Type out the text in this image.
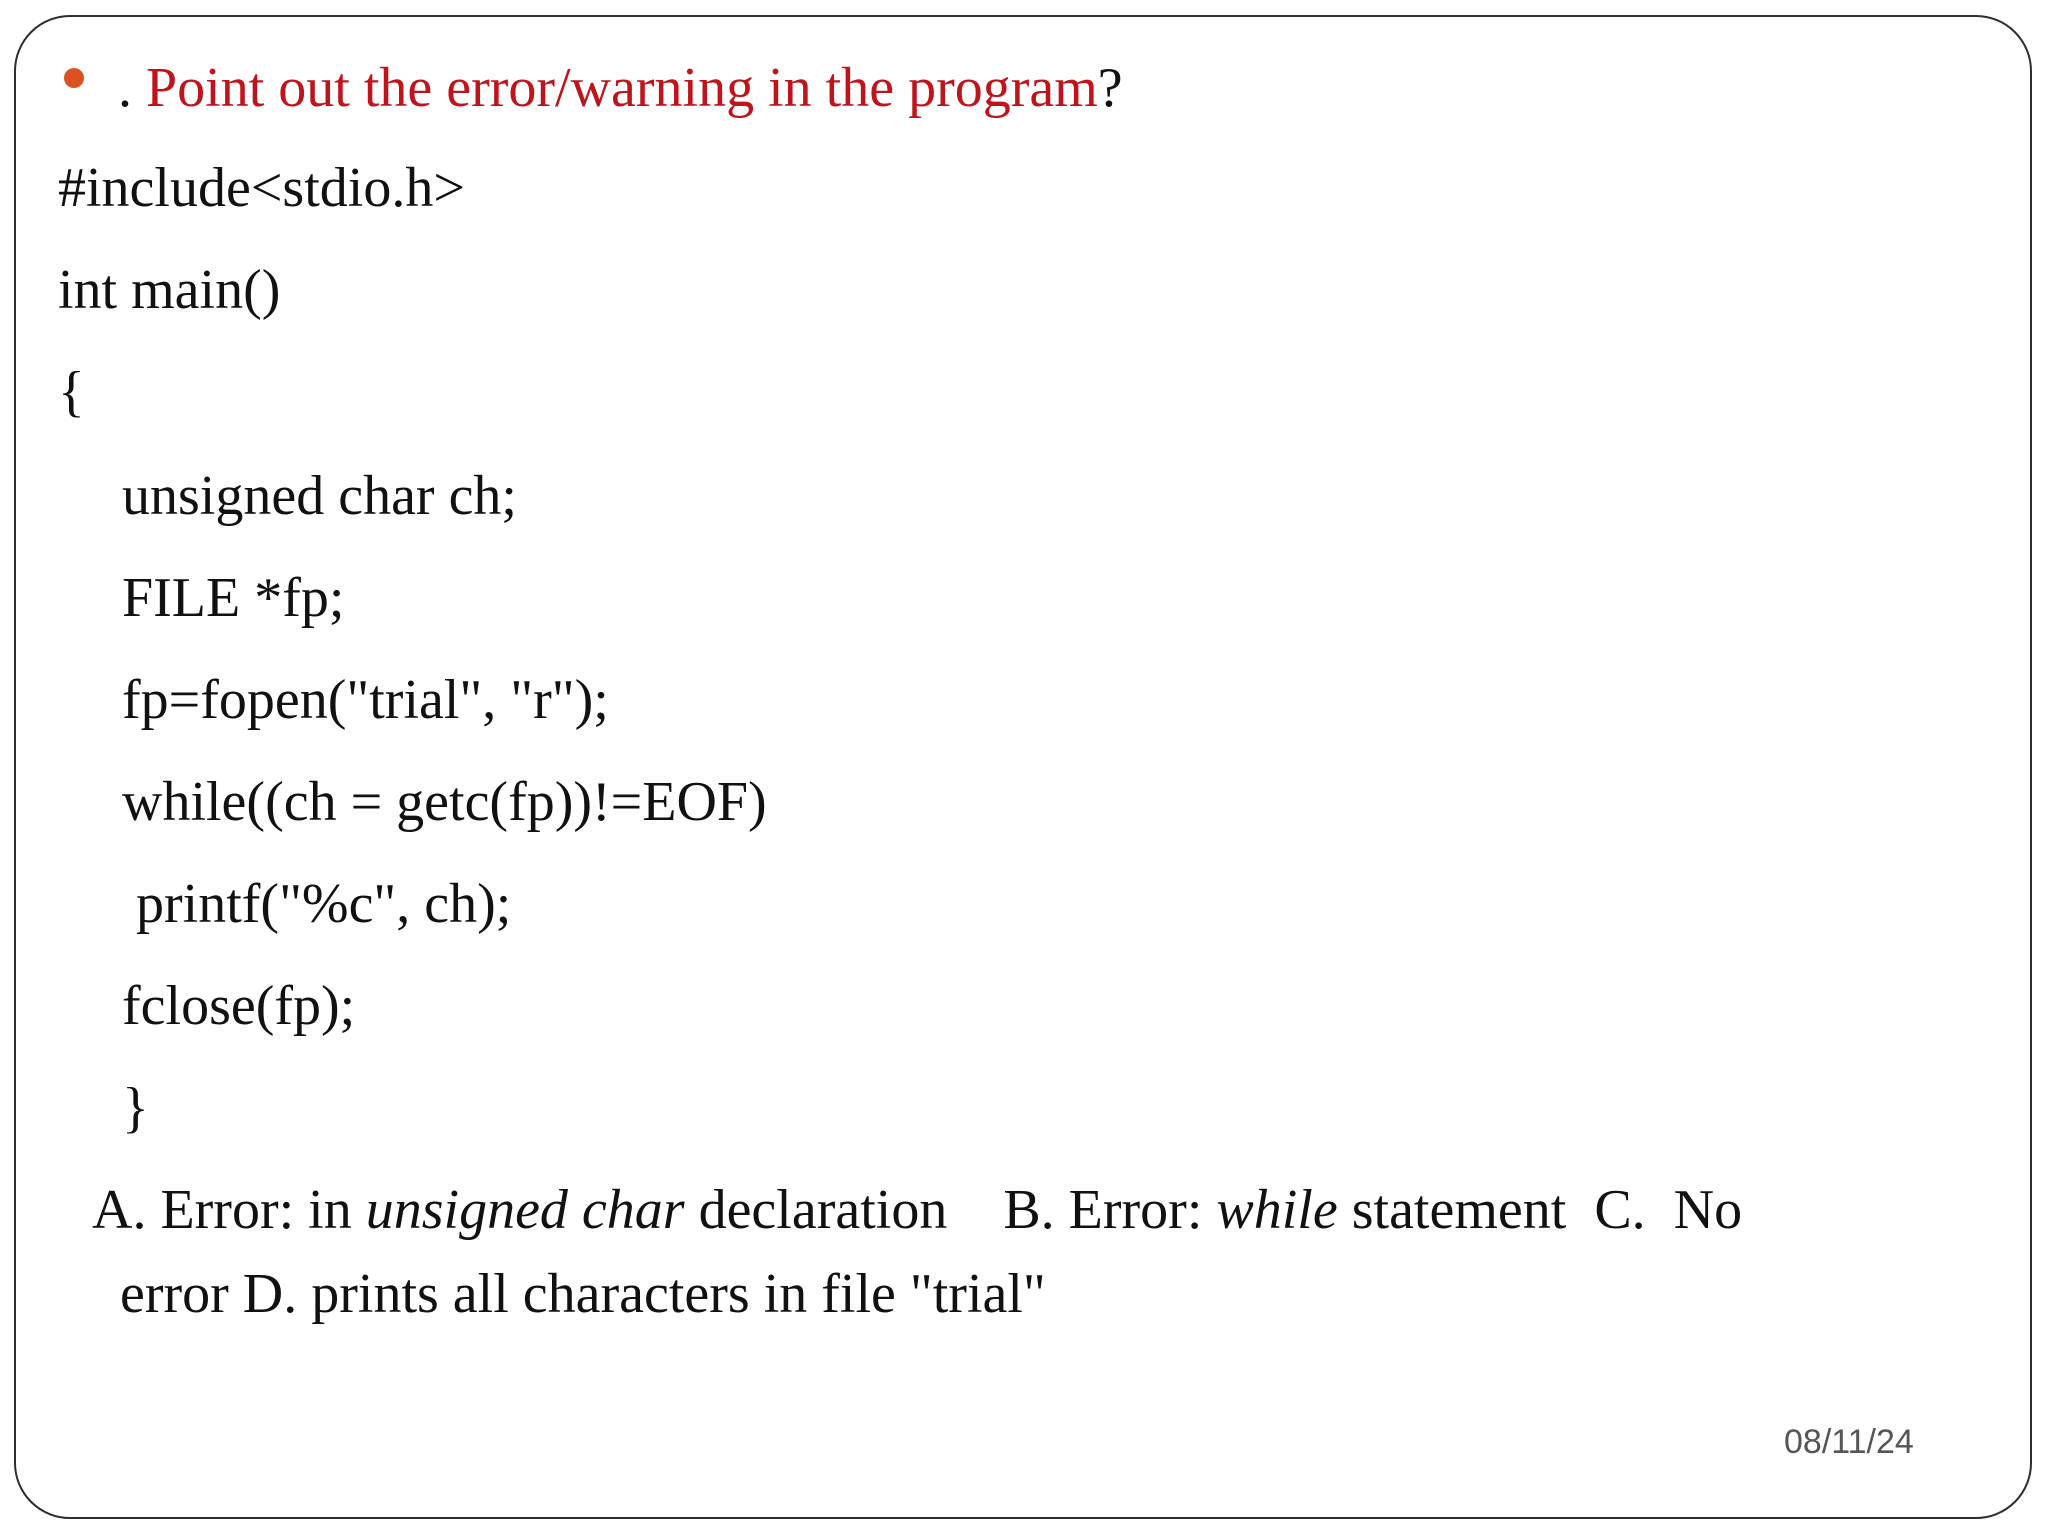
. Point out the error/warning in the program?
#include<stdio.h>
int main()
{
unsigned char ch;
FILE *fp;
fp=fopen("trial", "r");
while((ch = getc(fp))!=EOF)
printf("%c", ch);
fclose(fp);
}
A. Error: in unsigned char declaration    B. Error: while statement  C.  No
error D. prints all characters in file "trial"
08/11/24
